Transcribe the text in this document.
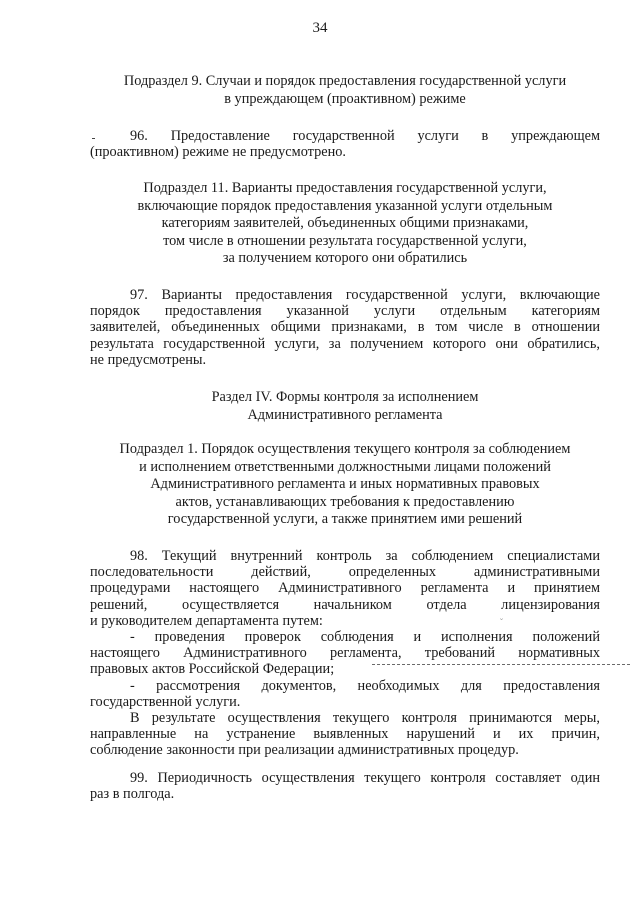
34
Подраздел 9. Случаи и порядок предоставления государственной услуги
в упреждающем (проактивном) режиме
96. Предоставление государственной услуги в упреждающем
(проактивном) режиме не предусмотрено.
Подраздел 11. Варианты предоставления государственной услуги,
включающие порядок предоставления указанной услуги отдельным
категориям заявителей, объединенных общими признаками,
том числе в отношении результата государственной услуги,
за получением которого они обратились
97. Варианты предоставления государственной услуги, включающие
порядок предоставления указанной услуги отдельным категориям
заявителей, объединенных общими признаками, в том числе в отношении
результата государственной услуги, за получением которого они обратились,
не предусмотрены.
Раздел IV. Формы контроля за исполнением
Административного регламента
Подраздел 1. Порядок осуществления текущего контроля за соблюдением
и исполнением ответственными должностными лицами положений
Административного регламента и иных нормативных правовых
актов, устанавливающих требования к предоставлению
государственной услуги, а также принятием ими решений
98. Текущий внутренний контроль за соблюдением специалистами
последовательности действий, определенных административными
процедурами настоящего Административного регламента и принятием
решений, осуществляется начальником отдела лицензирования
и руководителем департамента путем:
- проведения проверок соблюдения и исполнения положений
настоящего Административного регламента, требований нормативных
правовых актов Российской Федерации;
- рассмотрения документов, необходимых для предоставления
государственной услуги.
В результате осуществления текущего контроля принимаются меры,
направленные на устранение выявленных нарушений и их причин,
соблюдение законности при реализации административных процедур.
˘
99. Периодичность осуществления текущего контроля составляет один
раз в полгода.
